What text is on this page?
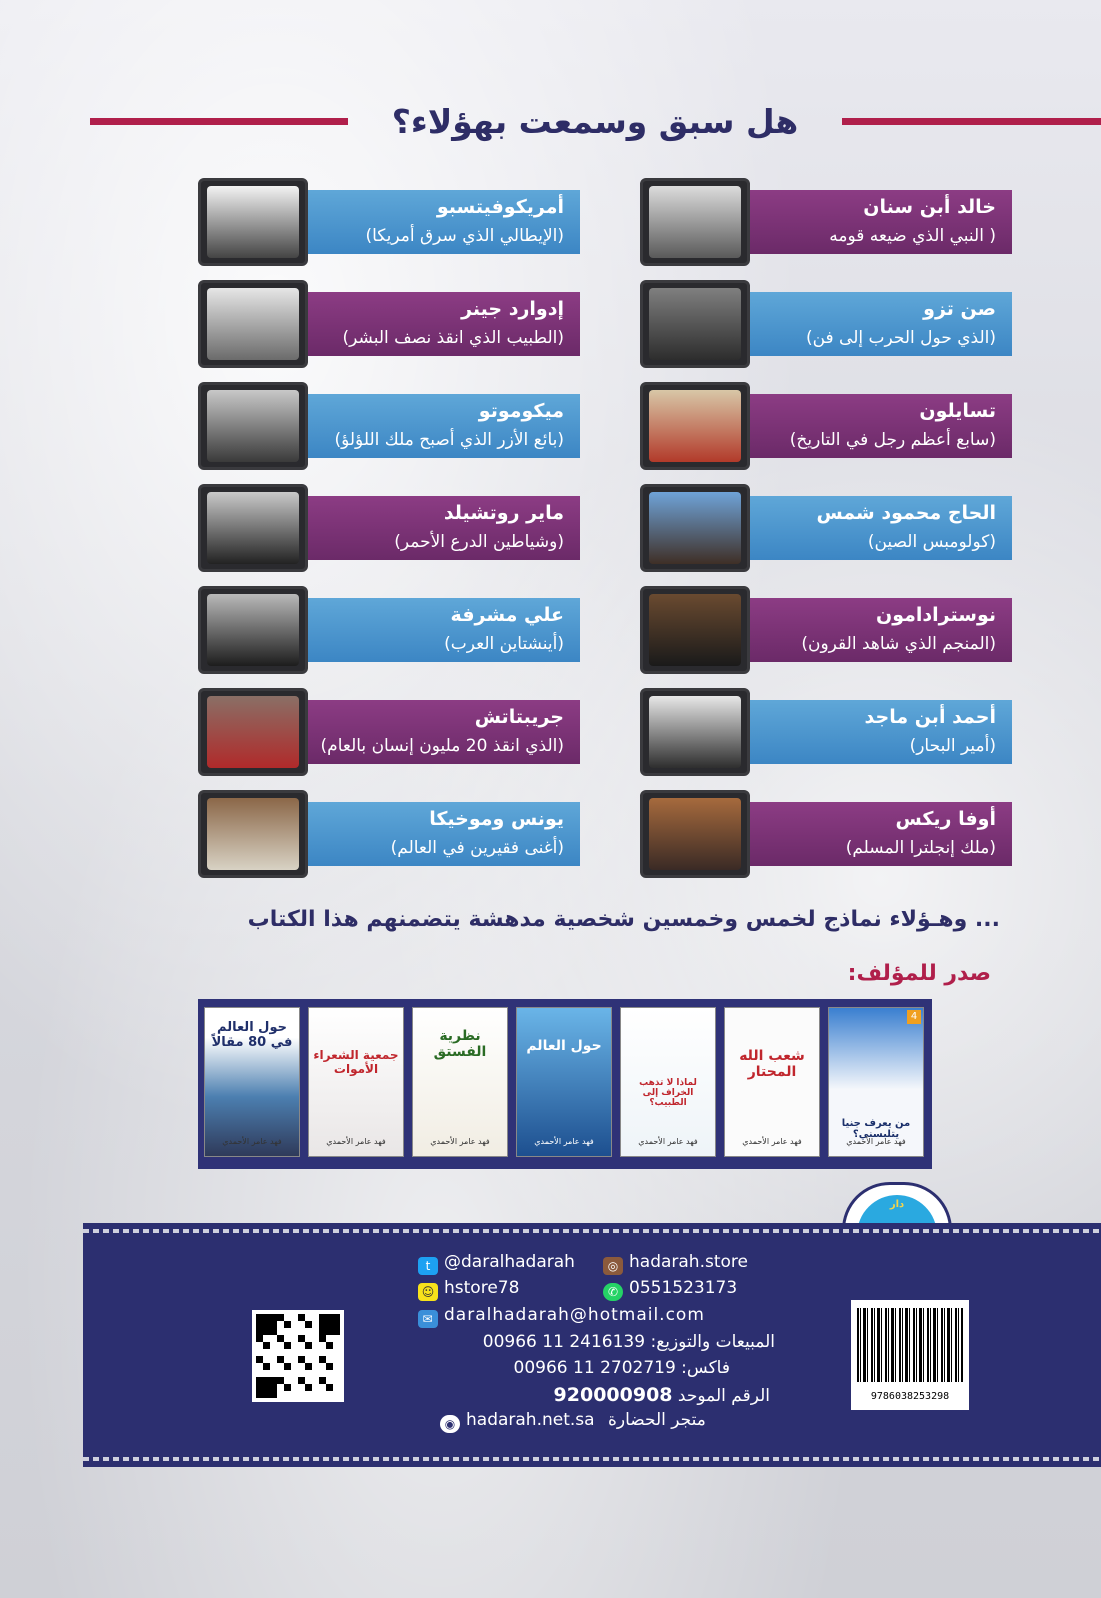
هل سبق وسمعت بهؤلاء؟
خالد أبن سنان
( النبي الذي ضيعه قومه
أمريكوفيتسبو
(الإيطالي الذي سرق أمريكا)
صن تزو
(الذي حول الحرب إلى فن)
إدوارد جينر
(الطبيب الذي انقذ نصف البشر)
تسايلون
(سابع أعظم رجل في التاريخ)
ميكوموتو
(بائع الأزر الذي أصبح ملك اللؤلؤ)
الحاج محمود شمس
(كولومبس الصين)
ماير روتشيلد
(وشياطين الدرع الأحمر)
نوسترادامون
(المنجم الذي شاهد القرون)
علي مشرفة
(أينشتاين العرب)
أحمد أبن ماجد
(أمير البحار)
جريبتاتش
(الذي انقذ 20 مليون إنسان بالعام)
أوفا ريكس
(ملك إنجلترا المسلم)
يونس وموخيكا
(أغنى فقيرين في العالم)
... وهـؤلاء نماذج لخمس وخمسين شخصية مدهشة يتضمنهم هذا الكتاب
صدر للمؤلف:
من يعرف جنيا يتلبسني؟
فهد عامر الأحمدي
4
شعب الله المحتار
فهد عامر الأحمدي
لماذا لا تذهب الخراف إلى الطبيب؟
فهد عامر الأحمدي
حول العالم
فهد عامر الأحمدي
نظرية الفستق
فهد عامر الأحمدي
جمعية الشعراء الأموات
فهد عامر الأحمدي
حول العالم في 80 مقالاً
فهد عامر الأحمدي
دار
t @daralhadarah	◎ hadarah.store
☺ hstore78	✆ 0551523173
✉ daralhadarah@hotmail.com
المبيعات والتوزيع: 2416139 11 00966
فاكس: 2702719 11 00966
الرقم الموحد 920000908
◉ hadarah.net.sa متجر الحضارة
9786038253298
